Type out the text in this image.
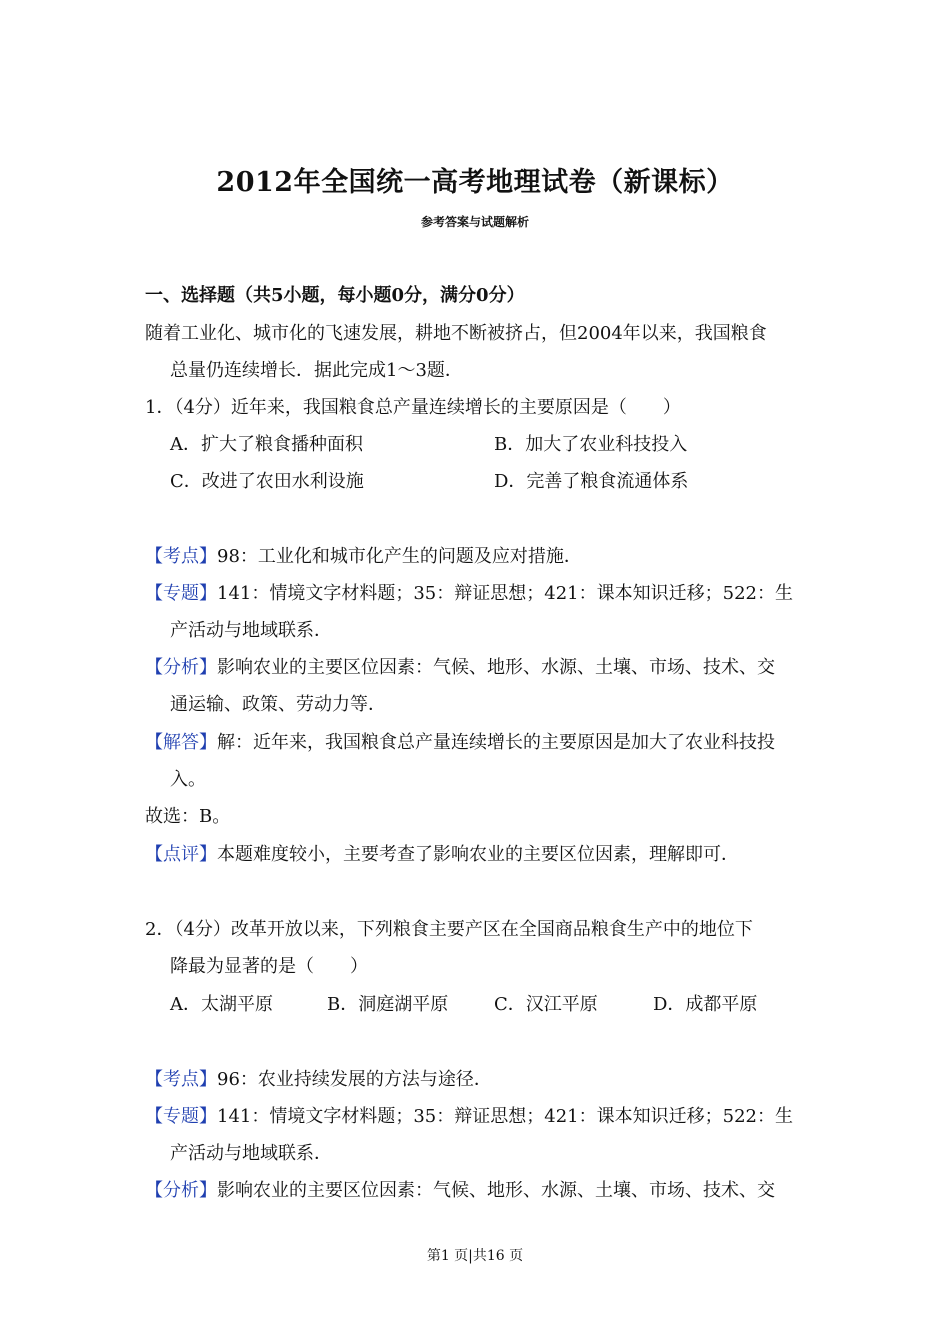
2012年全国统一高考地理试卷（新课标）
参考答案与试题解析
一、选择题（共5小题，每小题0分，满分0分）
随着工业化、城市化的飞速发展，耕地不断被挤占，但2004年以来，我国粮食
总量仍连续增长．据此完成1～3题．
1．（4分）近年来，我国粮食总产量连续增长的主要原因是（　　）
A．扩大了粮食播种面积	B．加大了农业科技投入
C．改进了农田水利设施	D．完善了粮食流通体系
【考点】98：工业化和城市化产生的问题及应对措施．
【专题】141：情境文字材料题；35：辩证思想；421：课本知识迁移；522：生
产活动与地域联系．
【分析】影响农业的主要区位因素：气候、地形、水源、土壤、市场、技术、交
通运输、政策、劳动力等．
【解答】解：近年来，我国粮食总产量连续增长的主要原因是加大了农业科技投
入。
故选：B。
【点评】本题难度较小，主要考查了影响农业的主要区位因素，理解即可．
2．（4分）改革开放以来，下列粮食主要产区在全国商品粮食生产中的地位下
降最为显著的是（　　）
A．太湖平原	B．洞庭湖平原	C．汉江平原	D．成都平原
【考点】96：农业持续发展的方法与途径．
【专题】141：情境文字材料题；35：辩证思想；421：课本知识迁移；522：生
产活动与地域联系．
【分析】影响农业的主要区位因素：气候、地形、水源、土壤、市场、技术、交
第1 页|共16 页
